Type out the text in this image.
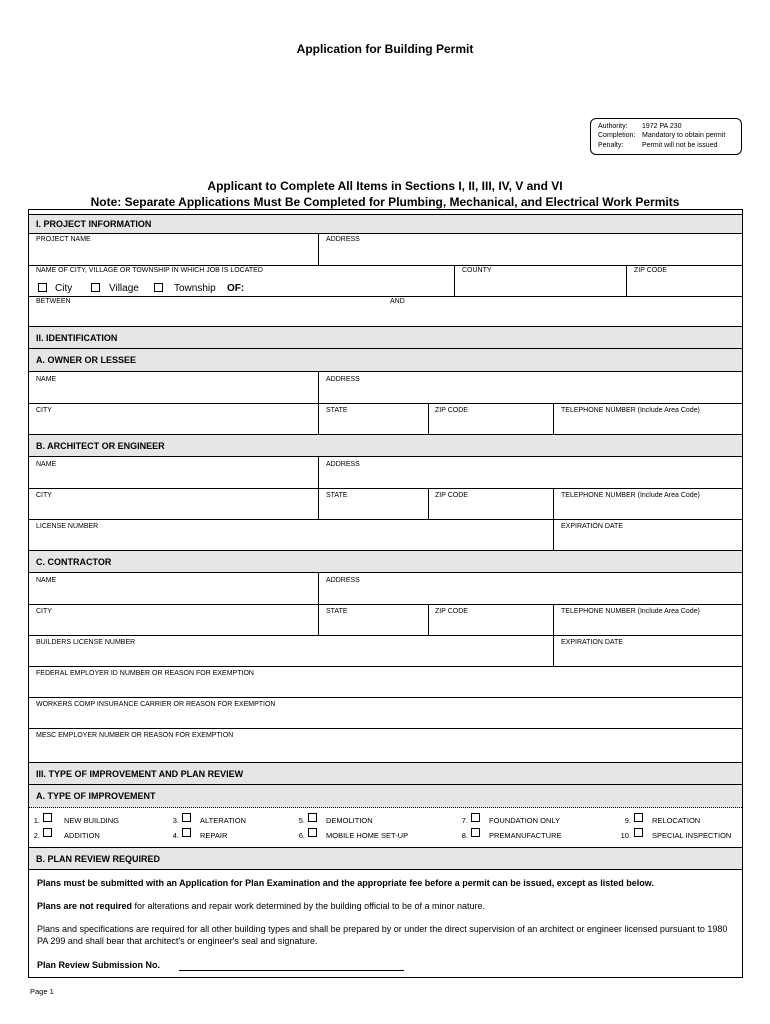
Application for Building Permit
Authority:	1972 PA 230
Completion: Mandatory to obtain permit
Penalty:	Permit will not be issued
Applicant to Complete All Items in Sections I, II, III, IV, V and VI
Note: Separate Applications Must Be Completed for Plumbing, Mechanical, and Electrical Work Permits
I. PROJECT INFORMATION
PROJECT NAME	ADDRESS
NAME OF CITY, VILLAGE OR TOWNSHIP IN WHICH JOB IS LOCATED	COUNTY	ZIP CODE
City	Village	Township OF:
BETWEEN	AND
II. IDENTIFICATION
A. OWNER OR LESSEE
NAME	ADDRESS
CITY	STATE	ZIP CODE	TELEPHONE NUMBER (Include Area Code)
B. ARCHITECT OR ENGINEER
NAME	ADDRESS
CITY	STATE	ZIP CODE	TELEPHONE NUMBER (Include Area Code)
LICENSE NUMBER	EXPIRATION DATE
C. CONTRACTOR
NAME	ADDRESS
CITY	STATE	ZIP CODE	TELEPHONE NUMBER (Include Area Code)
BUILDERS LICENSE NUMBER	EXPIRATION DATE
FEDERAL EMPLOYER ID NUMBER OR REASON FOR EXEMPTION
WORKERS COMP INSURANCE CARRIER OR REASON FOR EXEMPTION
MESC EMPLOYER NUMBER OR REASON FOR EXEMPTION
III. TYPE OF IMPROVEMENT AND PLAN REVIEW
A. TYPE OF IMPROVEMENT
1.	NEW BUILDING
2.	ADDITION
3.	ALTERATION
4.	REPAIR
5.	DEMOLITION
6.	MOBILE HOME SET-UP
7.	FOUNDATION ONLY
8.	PREMANUFACTURE
9.	RELOCATION
10.	SPECIAL INSPECTION
B. PLAN REVIEW REQUIRED
Plans must be submitted with an Application for Plan Examination and the appropriate fee before a permit can be issued, except as listed below.
Plans are not required for alterations and repair work determined by the building official to be of a minor nature.
Plans and specifications are required for all other building types and shall be prepared by or under the direct supervision of an architect or engineer licensed pursuant to 1980 PA 299 and shall bear that architect's or engineer's seal and signature.
Plan Review Submission No.
Page 1
